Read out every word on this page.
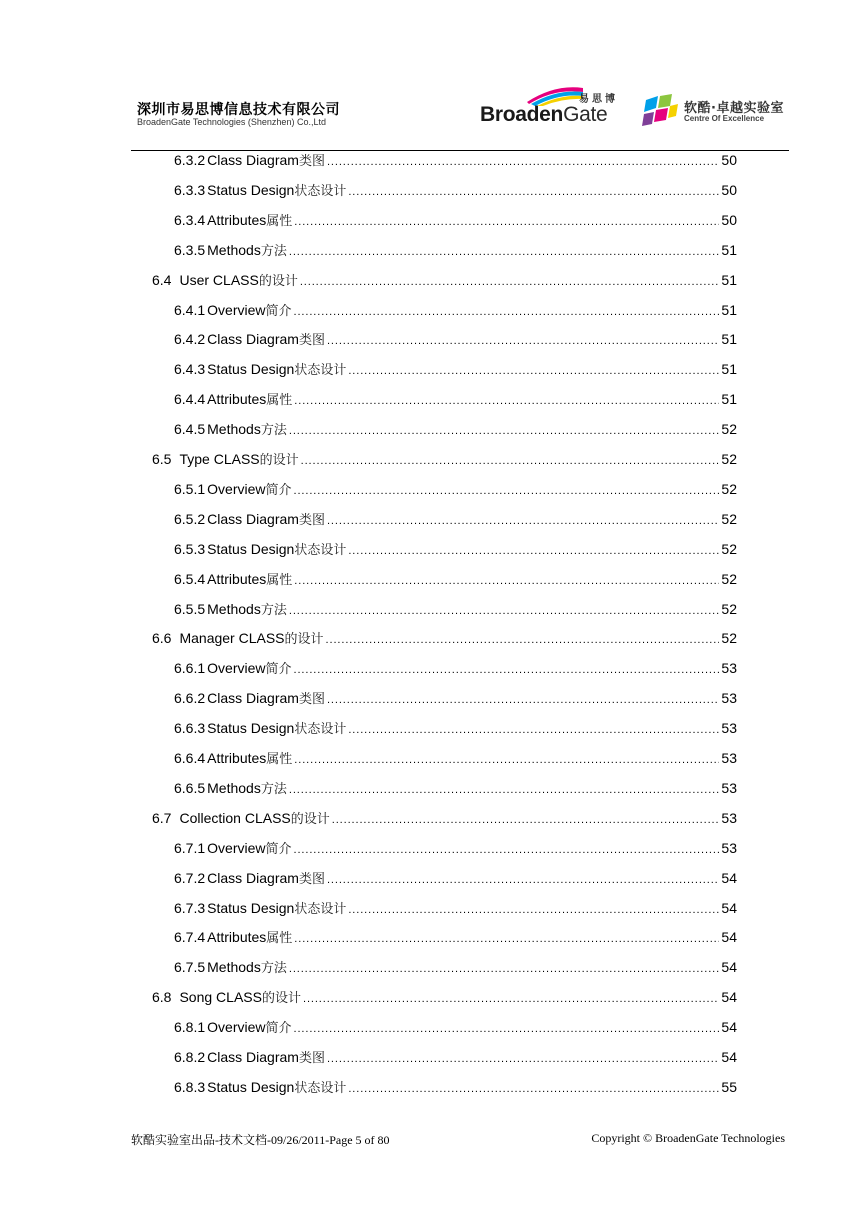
深圳市易思博信息技术有限公司
BroadenGate Technologies (Shenzhen) Co.,Ltd
易思博
BroadenGate	软酷·卓越实验室
Centre Of Excellence
6.3.2 Class Diagram类图 .....	50
6.3.3 Status Design状态设计 .....	50
6.3.4 Attributes属性 .....	50
6.3.5 Methods方法 .....	51
6.4 User CLASS的设计 .....	51
6.4.1 Overview简介 .....	51
6.4.2 Class Diagram类图 .....	51
6.4.3 Status Design状态设计 .....	51
6.4.4 Attributes属性 .....	51
6.4.5 Methods方法 .....	52
6.5 Type CLASS的设计 .....	52
6.5.1 Overview简介 .....	52
6.5.2 Class Diagram类图 .....	52
6.5.3 Status Design状态设计 .....	52
6.5.4 Attributes属性 .....	52
6.5.5 Methods方法 .....	52
6.6 Manager CLASS的设计 .....	52
6.6.1 Overview简介 .....	53
6.6.2 Class Diagram类图 .....	53
6.6.3 Status Design状态设计 .....	53
6.6.4 Attributes属性 .....	53
6.6.5 Methods方法 .....	53
6.7 Collection CLASS的设计 .....	53
6.7.1 Overview简介 .....	53
6.7.2 Class Diagram类图 .....	54
6.7.3 Status Design状态设计 .....	54
6.7.4 Attributes属性 .....	54
6.7.5 Methods方法 .....	54
6.8 Song CLASS的设计 .....	54
6.8.1 Overview简介 .....	54
6.8.2 Class Diagram类图 .....	54
6.8.3 Status Design状态设计 .....	55
软酷实验室出品-技术文档-09/26/2011-Page 5 of 80	Copyright © BroadenGate Technologies
